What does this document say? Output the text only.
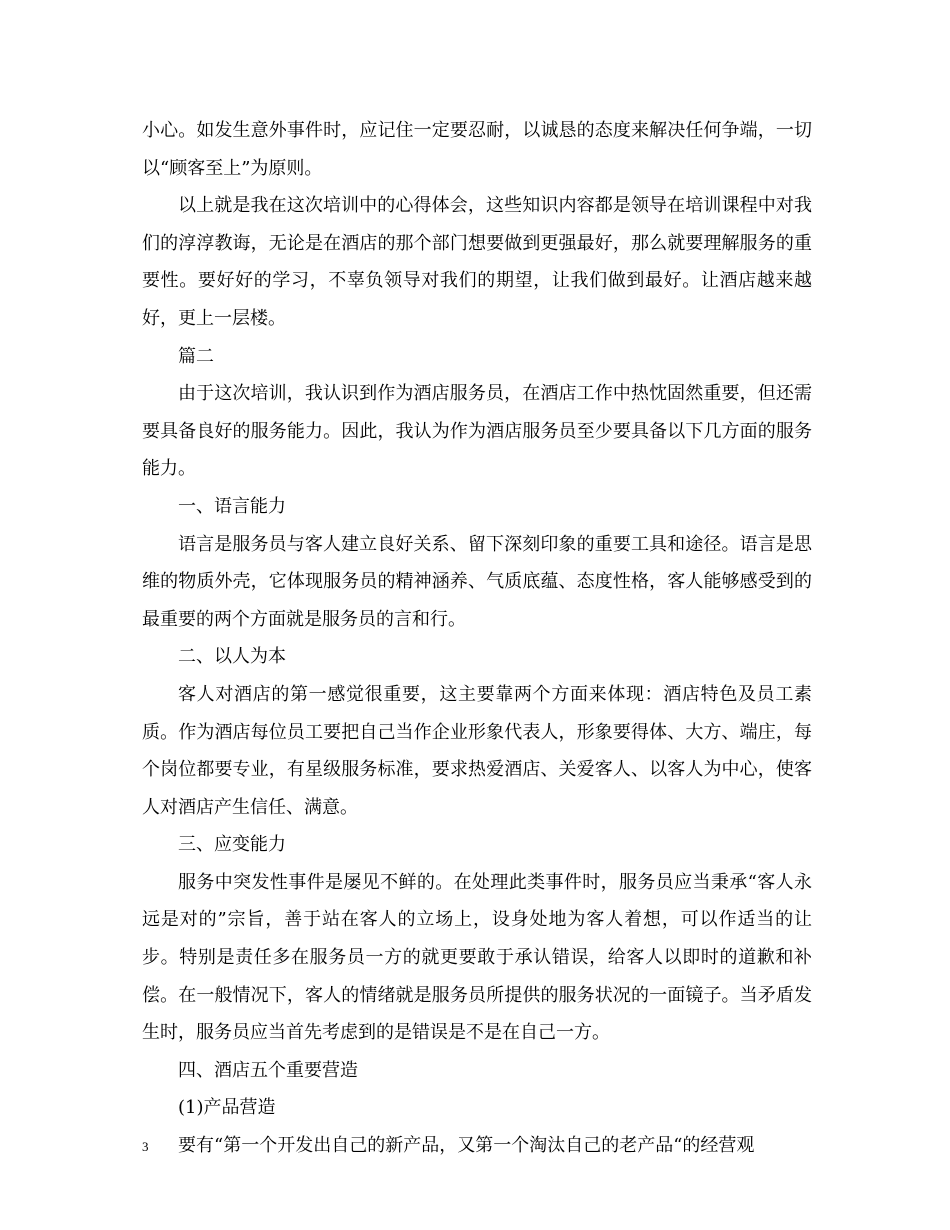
小心。如发生意外事件时，应记住一定要忍耐，以诚恳的态度来解决任何争端，一切以“顾客至上”为原则。

以上就是我在这次培训中的心得体会，这些知识内容都是领导在培训课程中对我们的淳淳教诲，无论是在酒店的那个部门想要做到更强最好，那么就要理解服务的重要性。要好好的学习，不辜负领导对我们的期望，让我们做到最好。让酒店越来越好，更上一层楼。

篇二

由于这次培训，我认识到作为酒店服务员，在酒店工作中热忱固然重要，但还需要具备良好的服务能力。因此，我认为作为酒店服务员至少要具备以下几方面的服务能力。

一、语言能力

语言是服务员与客人建立良好关系、留下深刻印象的重要工具和途径。语言是思维的物质外壳，它体现服务员的精神涵养、气质底蕴、态度性格，客人能够感受到的最重要的两个方面就是服务员的言和行。

二、以人为本

客人对酒店的第一感觉很重要，这主要靠两个方面来体现：酒店特色及员工素质。作为酒店每位员工要把自己当作企业形象代表人，形象要得体、大方、端庄，每个岗位都要专业，有星级服务标准，要求热爱酒店、关爱客人、以客人为中心，使客人对酒店产生信任、满意。

三、应变能力

服务中突发性事件是屡见不鲜的。在处理此类事件时，服务员应当秉承“客人永远是对的”宗旨，善于站在客人的立场上，设身处地为客人着想，可以作适当的让步。特别是责任多在服务员一方的就更要敢于承认错误，给客人以即时的道歉和补偿。在一般情况下，客人的情绪就是服务员所提供的服务状况的一面镜子。当矛盾发生时，服务员应当首先考虑到的是错误是不是在自己一方。

四、酒店五个重要营造

(1)产品营造

要有“第一个开发出自己的新产品，又第一个淘汰自己的老产品“的经营观

3
